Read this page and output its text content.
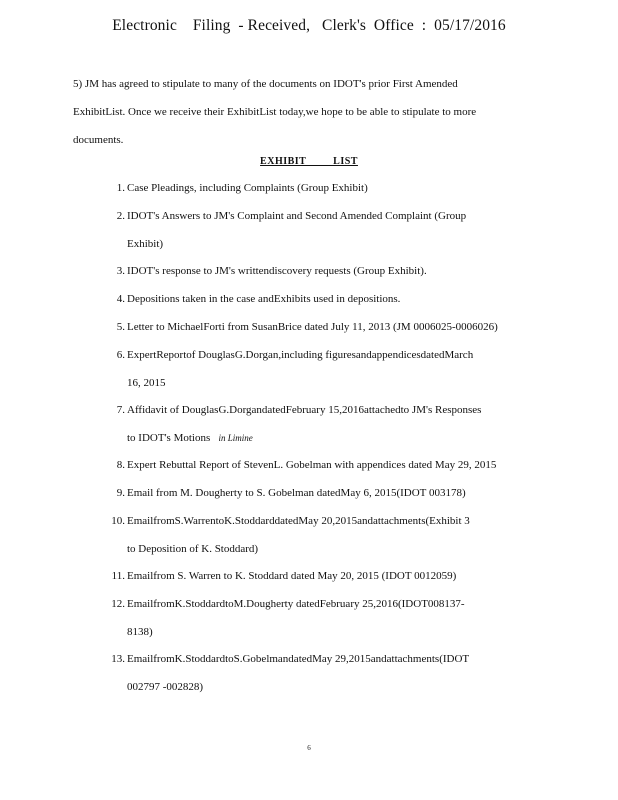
Electronic    Filing  - Received,   Clerk's  Office  :  05/17/2016
5) JM has agreed to stipulate to many of the documents on IDOT's prior First Amended
ExhibitList. Once we receive their ExhibitList today,we hope to be able to stipulate to more
documents.
EXHIBIT         LIST
1. Case Pleadings, including Complaints (Group Exhibit)
2. IDOT's Answers to JM's Complaint and Second Amended Complaint (Group
Exhibit)
3. IDOT's response to JM's writtendiscovery requests (Group Exhibit).
4. Depositions taken in the case andExhibits used in depositions.
5. Letter to MichaelForti from SusanBrice dated July 11, 2013 (JM 0006025-0006026)
6. ExpertReportof DouglasG.Dorgan,including figuresandappendicesdatedMarch
16, 2015
7. Affidavit of DouglasG.DorgandatedFebruary 15,2016attachedto JM's Responses
to IDOT's Motions in Limine
8. Expert Rebuttal Report of StevenL. Gobelman with appendices dated May 29, 2015
9. Email from M. Dougherty to S. Gobelman datedMay 6, 2015(IDOT 003178)
10. EmailfromS.WarrentoK.StoddarddatedMay 20,2015andattachments(Exhibit 3
to Deposition of K. Stoddard)
11. Emailfrom S. Warren to K. Stoddard dated May 20, 2015 (IDOT 0012059)
12. EmailfromK.StoddardtoM.Dougherty datedFebruary 25,2016(IDOT008137-
8138)
13. EmailfromK.StoddardtoS.GobelmandatedMay 29,2015andattachments(IDOT
002797 -002828)
6
